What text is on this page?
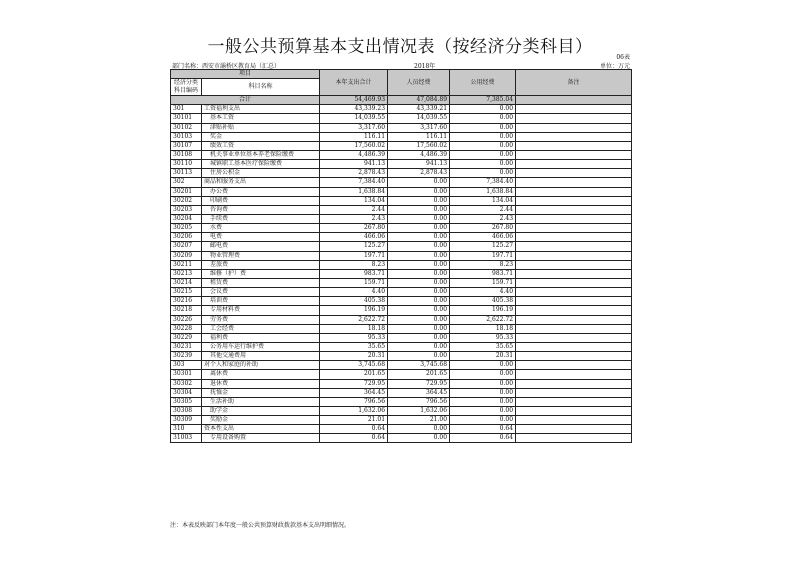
一般公共预算基本支出情况表（按经济分类科目）
06表
部门名称：西安市灞桥区教育局（汇总）	2018年	单位：万元
项目		本年支出合计	人员经费	公用经费	备注
经济分类科目编码	科目名称				

合计		54,469.93	47,084.89	7,385.04	
301	工资福利支出	43,339.23	43,339.21	0.00	
30101	基本工资	14,039.55	14,039.55	0.00	
30102	津贴补贴	3,317.60	3,317.60	0.00	
30103	奖金	116.11	116.11	0.00	
30107	绩效工资	17,560.02	17,560.02	0.00	
30108	机关事业单位基本养老保险缴费	4,486.39	4,486.39	0.00	
30110	城镇职工基本医疗保险缴费	941.13	941.13	0.00	
30113	住房公积金	2,878.43	2,878.43	0.00	
302	商品和服务支出	7,384.40	0.00	7,384.40	
30201	办公费	1,638.84	0.00	1,638.84	
30202	印刷费	134.04	0.00	134.04	
30203	咨询费	2.44	0.00	2.44	
30204	手续费	2.43	0.00	2.43	
30205	水费	267.80	0.00	267.80	
30206	电费	466.06	0.00	466.06	
30207	邮电费	125.27	0.00	125.27	
30209	物业管理费	197.71	0.00	197.71	
30211	差旅费	8.23	0.00	8.23	
30213	维修（护）费	983.71	0.00	983.71	
30214	租赁费	159.71	0.00	159.71	
30215	会议费	4.40	0.00	4.40	
30216	培训费	405.38	0.00	405.38	
30218	专用材料费	196.19	0.00	196.19	
30226	劳务费	2,622.72	0.00	2,622.72	
30228	工会经费	18.18	0.00	18.18	
30229	福利费	95.33	0.00	95.33	
30231	公务用车运行维护费	35.65	0.00	35.65	
30239	其他交通费用	20.31	0.00	20.31	
303	对个人和家庭的补助	3,745.68	3,745.68	0.00	
30301	离休费	201.65	201.65	0.00	
30302	退休费	729.95	729.95	0.00	
30304	抚恤金	364.45	364.45	0.00	
30305	生活补助	796.56	796.56	0.00	
30308	助学金	1,632.06	1,632.06	0.00	
30309	奖励金	21.01	21.00	0.00	
310	资本性支出	0.64	0.00	0.64	
31003	专用设备购置	0.64	0.00	0.64	
注：本表反映部门本年度一般公共预算财政拨款基本支出明细情况。
